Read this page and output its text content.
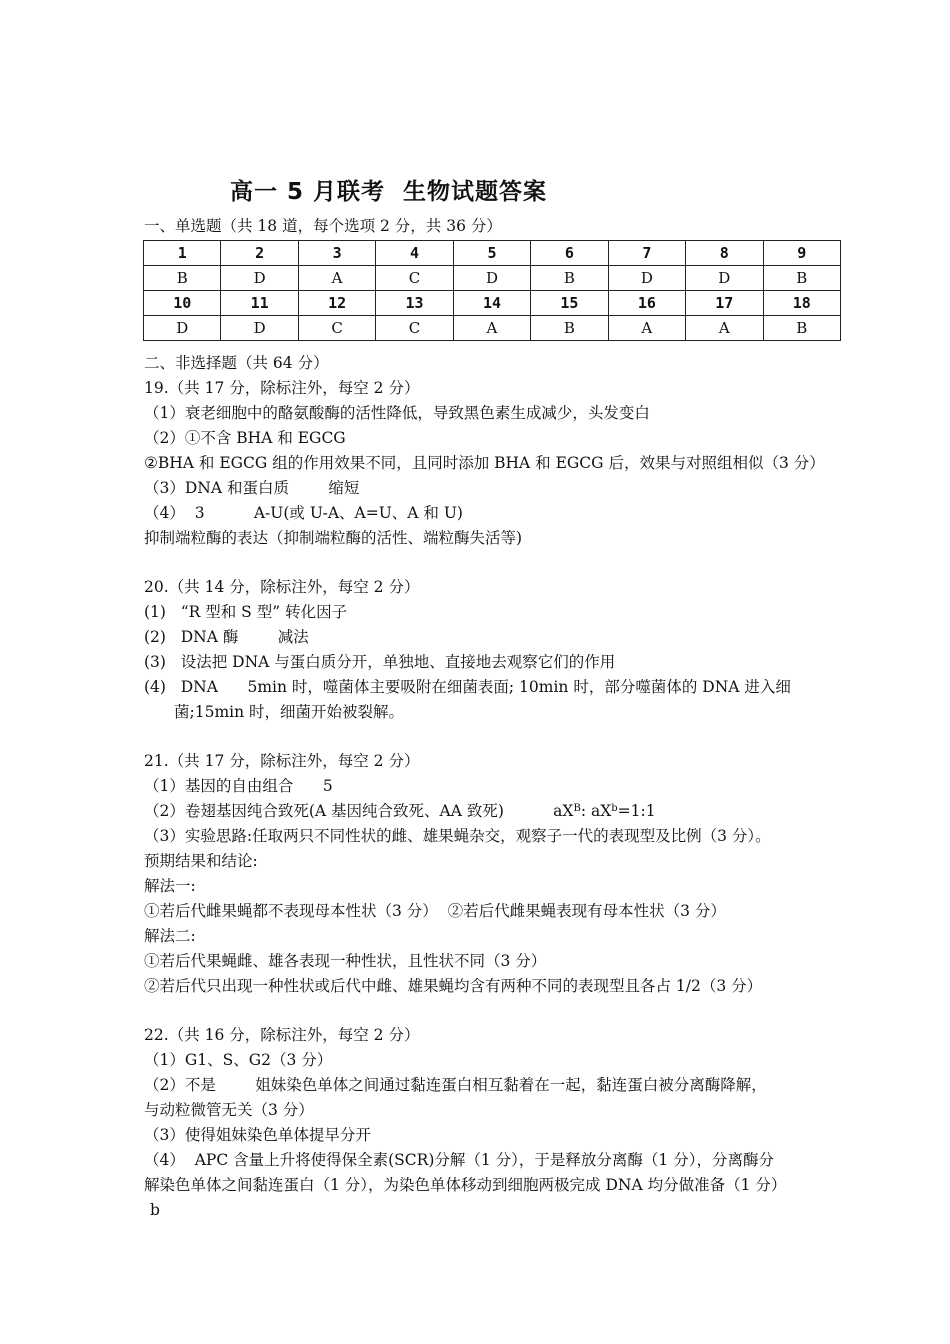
高一 5 月联考  生物试题答案
一、单选题（共 18 道，每个选项 2 分，共 36 分）
1	2	3	4	5	6	7	8	9
B	D	A	C	D	B	D	D	B
10	11	12	13	14	15	16	17	18
D	D	C	C	A	B	A	A	B
二、非选择题（共 64 分）
19.（共 17 分，除标注外，每空 2 分）
（1）衰老细胞中的酪氨酸酶的活性降低，导致黑色素生成减少，头发变白
（2）①不含 BHA 和 EGCG
②BHA 和 EGCG 组的作用效果不同，且同时添加 BHA 和 EGCG 后，效果与对照组相似（3 分）
（3）DNA 和蛋白质        缩短
（4）  3          A-U(或 U-A、A=U、A 和 U)
抑制端粒酶的表达（抑制端粒酶的活性、端粒酶失活等)
20.（共 14 分，除标注外，每空 2 分）
(1)   “R 型和 S 型” 转化因子
(2)   DNA 酶        减法
(3)   设法把 DNA 与蛋白质分开，单独地、直接地去观察它们的作用
(4)   DNA      5min 时，噬菌体主要吸附在细菌表面; 10min 时，部分噬菌体的 DNA 进入细
菌;15min 时，细菌开始被裂解。
21.（共 17 分，除标注外，每空 2 分）
（1）基因的自由组合      5
（2）卷翅基因纯合致死(A 基因纯合致死、AA 致死)          $aX^B$: $aX^b=1:1$
（3）实验思路:任取两只不同性状的雌、雄果蝇杂交，观察子一代的表现型及比例（3 分）。
预期结果和结论:
解法一:
①若后代雌果蝇都不表现母本性状（3 分）  ②若后代雌果蝇表现有母本性状（3 分）
解法二:
①若后代果蝇雌、雄各表现一种性状，且性状不同（3 分）
②若后代只出现一种性状或后代中雌、雄果蝇均含有两种不同的表现型且各占 1/2（3 分）
22.（共 16 分，除标注外，每空 2 分）
（1）G1、S、G2（3 分）
（2）不是        姐妹染色单体之间通过黏连蛋白相互黏着在一起，黏连蛋白被分离酶降解，
与动粒微管无关（3 分）
（3）使得姐妹染色单体提早分开
（4）  APC 含量上升将使得保全素(SCR)分解（1 分），于是释放分离酶（1 分），分离酶分
解染色单体之间黏连蛋白（1 分），为染色单体移动到细胞两极完成 DNA 均分做准备（1 分）
b
